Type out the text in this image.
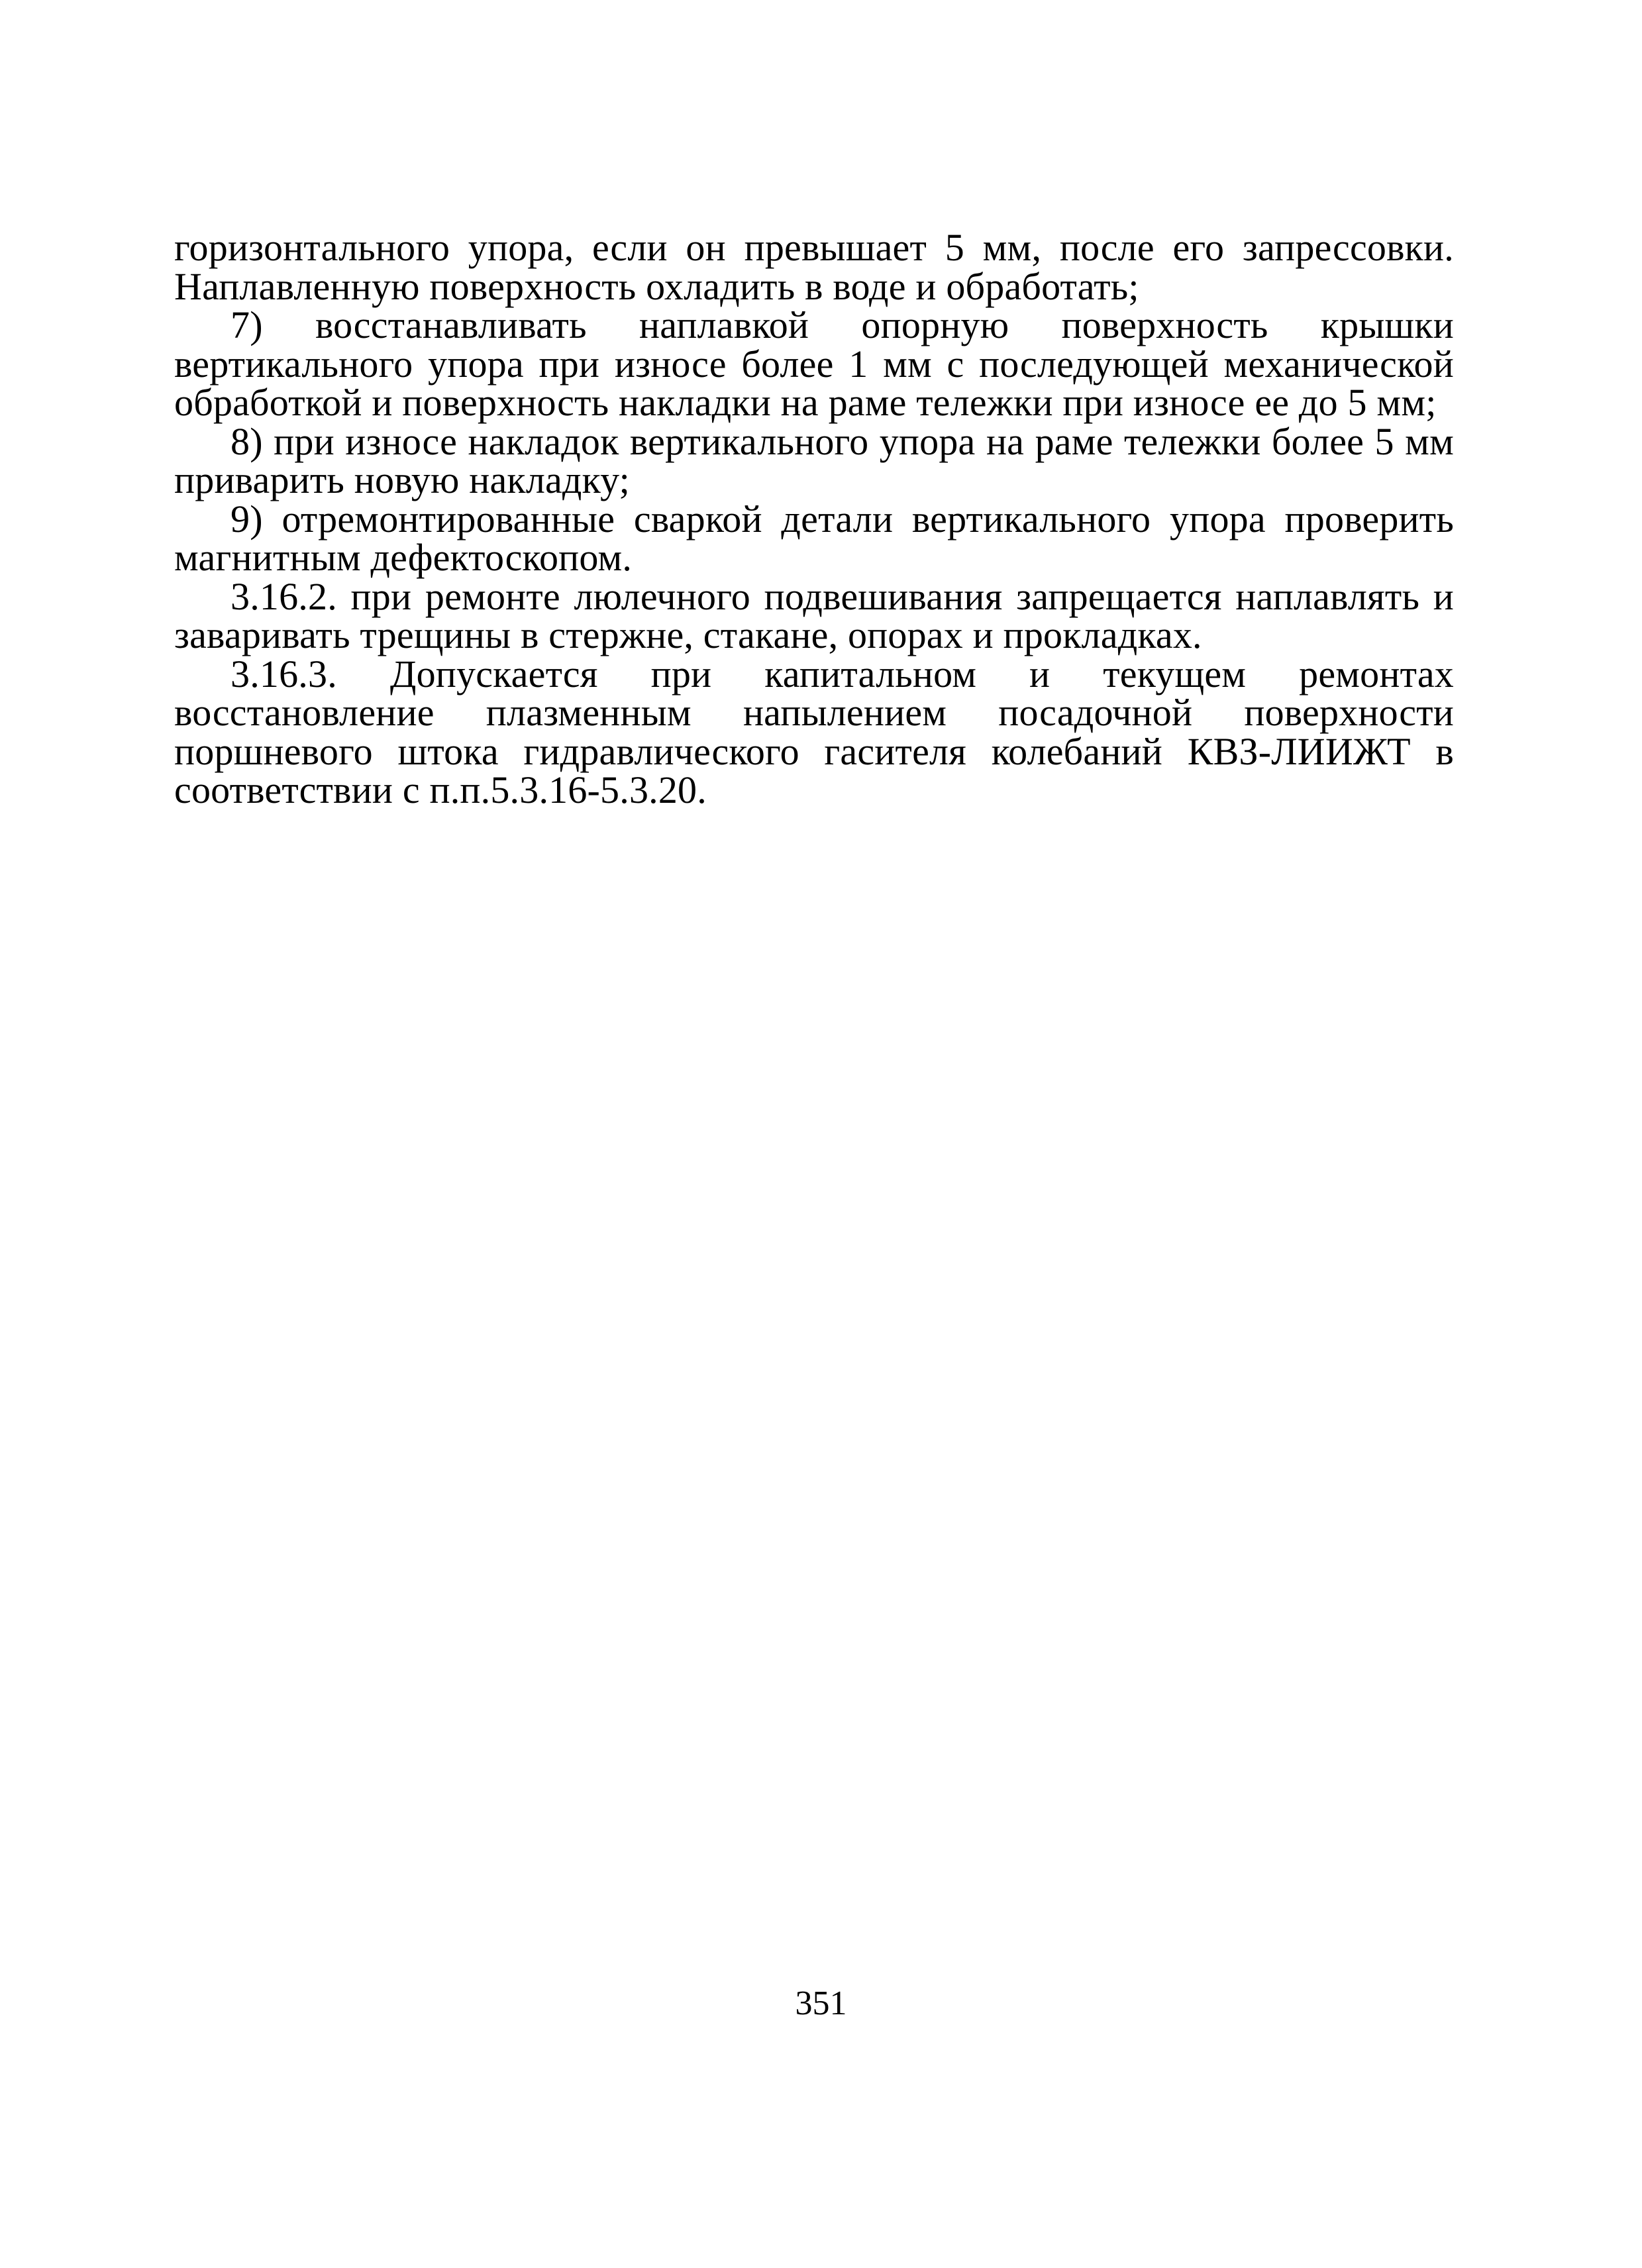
горизонтального упора, если он превышает 5 мм, после его запрессовки. Наплавленную поверхность охладить в воде и обработать;

7) восстанавливать наплавкой опорную поверхность крышки вертикального упора при износе более 1 мм с последующей механической обработкой и поверхность накладки на раме тележки при износе ее до 5 мм;

8) при износе накладок вертикального упора на раме тележки более 5 мм приварить новую накладку;

9) отремонтированные сваркой детали вертикального упора проверить магнитным дефектоскопом.

3.16.2. при ремонте люлечного подвешивания запрещается наплавлять и заваривать трещины в стержне, стакане, опорах и прокладках.

3.16.3. Допускается при капитальном и текущем ремонтах восстановление плазменным напылением посадочной поверхности поршневого штока гидравлического гасителя колебаний КВЗ-ЛИИЖТ в соответствии с п.п.5.3.16-5.3.20.

351
